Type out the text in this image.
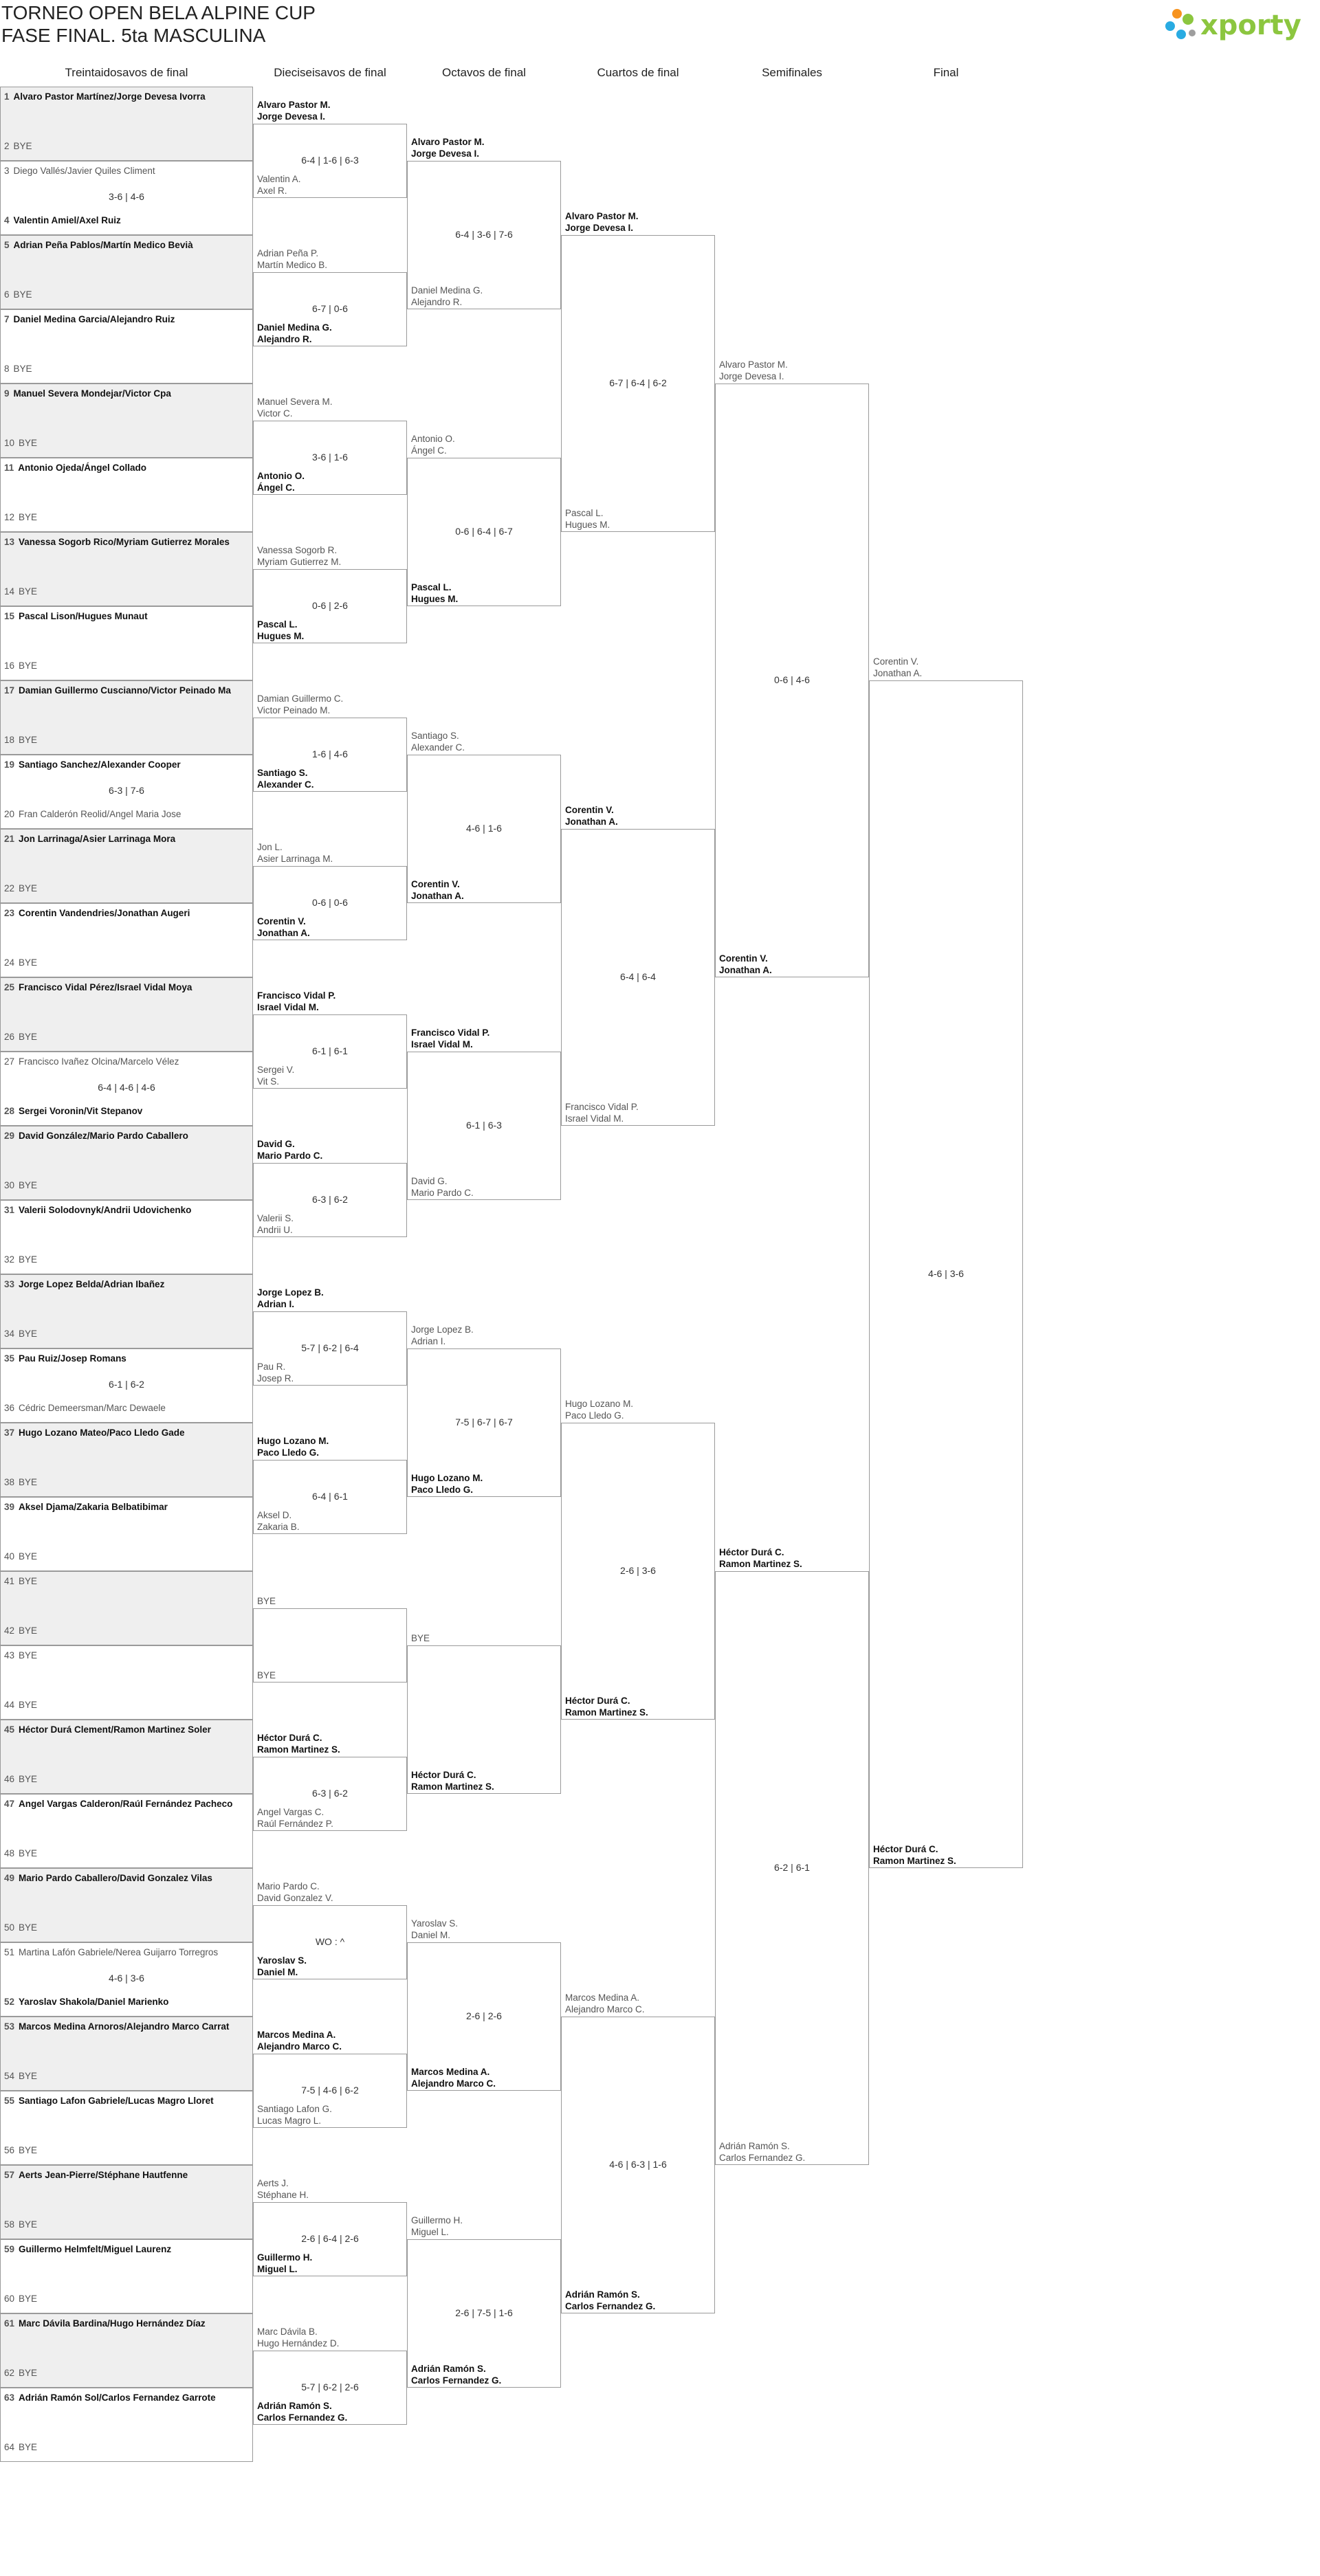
TORNEO OPEN BELA ALPINE CUP
FASE FINAL. 5ta MASCULINA	xporty
Treintaidosavos de final	Dieciseisavos de final	Octavos de final	Cuartos de final	Semifinales	Final
1 Alvaro Pastor Martínez/Jorge Devesa Ivorra
2 BYE
3 Diego Vallés/Javier Quiles Climent
4 Valentin Amiel/Axel Ruiz
3-6 | 4-6
5 Adrian Peña Pablos/Martín Medico Bevià
6 BYE
7 Daniel Medina Garcia/Alejandro Ruiz
8 BYE
9 Manuel Severa Mondejar/Victor Cpa
10 BYE
11 Antonio Ojeda/Ángel Collado
12 BYE
13 Vanessa Sogorb Rico/Myriam Gutierrez Morales
14 BYE
15 Pascal Lison/Hugues Munaut
16 BYE
17 Damian Guillermo Cuscianno/Victor Peinado Ma
18 BYE
19 Santiago Sanchez/Alexander Cooper
20 Fran Calderón Reolid/Angel Maria Jose
6-3 | 7-6
21 Jon Larrinaga/Asier Larrinaga Mora
22 BYE
23 Corentin Vandendries/Jonathan Augeri
24 BYE
25 Francisco Vidal Pérez/Israel Vidal Moya
26 BYE
27 Francisco Ivañez Olcina/Marcelo Vélez
28 Sergei Voronin/Vit Stepanov
6-4 | 4-6 | 4-6
29 David González/Mario Pardo Caballero
30 BYE
31 Valerii Solodovnyk/Andrii Udovichenko
32 BYE
33 Jorge Lopez Belda/Adrian Ibañez
34 BYE
35 Pau Ruiz/Josep Romans
36 Cédric Demeersman/Marc Dewaele
6-1 | 6-2
37 Hugo Lozano Mateo/Paco Lledo Gade
38 BYE
39 Aksel Djama/Zakaria Belbatibimar
40 BYE
41 BYE
42 BYE
43 BYE
44 BYE
45 Héctor Durá Clement/Ramon Martinez Soler
46 BYE
47 Angel Vargas Calderon/Raúl Fernández Pacheco
48 BYE
49 Mario Pardo Caballero/David Gonzalez Vilas
50 BYE
51 Martina Lafón Gabriele/Nerea Guijarro Torregros
52 Yaroslav Shakola/Daniel Marienko
4-6 | 3-6
53 Marcos Medina Arnoros/Alejandro Marco Carrat
54 BYE
55 Santiago Lafon Gabriele/Lucas Magro Lloret
56 BYE
57 Aerts Jean-Pierre/Stéphane Hautfenne
58 BYE
59 Guillermo Helmfelt/Miguel Laurenz
60 BYE
61 Marc Dávila Bardina/Hugo Hernández Díaz
62 BYE
63 Adrián Ramón Sol/Carlos Fernandez Garrote
64 BYE
Alvaro Pastor M.
Jorge Devesa I.
Valentin A.
Axel R.
6-4 | 1-6 | 6-3
Adrian Peña P.
Martín Medico B.
Daniel Medina G.
Alejandro R.
6-7 | 0-6
Manuel Severa M.
Victor C.
Antonio O.
Ángel C.
3-6 | 1-6
Vanessa Sogorb R.
Myriam Gutierrez M.
Pascal L.
Hugues M.
0-6 | 2-6
Damian Guillermo C.
Victor Peinado M.
Santiago S.
Alexander C.
1-6 | 4-6
Jon L.
Asier Larrinaga M.
Corentin V.
Jonathan A.
0-6 | 0-6
Francisco Vidal P.
Israel Vidal M.
Sergei V.
Vit S.
6-1 | 6-1
David G.
Mario Pardo C.
Valerii S.
Andrii U.
6-3 | 6-2
Jorge Lopez B.
Adrian I.
Pau R.
Josep R.
5-7 | 6-2 | 6-4
Hugo Lozano M.
Paco Lledo G.
Aksel D.
Zakaria B.
6-4 | 6-1
BYE
BYE
Héctor Durá C.
Ramon Martinez S.
Angel Vargas C.
Raúl Fernández P.
6-3 | 6-2
Mario Pardo C.
David Gonzalez V.
Yaroslav S.
Daniel M.
WO : ^
Marcos Medina A.
Alejandro Marco C.
Santiago Lafon G.
Lucas Magro L.
7-5 | 4-6 | 6-2
Aerts J.
Stéphane H.
Guillermo H.
Miguel L.
2-6 | 6-4 | 2-6
Marc Dávila B.
Hugo Hernández D.
Adrián Ramón S.
Carlos Fernandez G.
5-7 | 6-2 | 2-6
Alvaro Pastor M.
Jorge Devesa I.
Daniel Medina G.
Alejandro R.
6-4 | 3-6 | 7-6
Antonio O.
Ángel C.
Pascal L.
Hugues M.
0-6 | 6-4 | 6-7
Santiago S.
Alexander C.
Corentin V.
Jonathan A.
4-6 | 1-6
Francisco Vidal P.
Israel Vidal M.
David G.
Mario Pardo C.
6-1 | 6-3
Jorge Lopez B.
Adrian I.
Hugo Lozano M.
Paco Lledo G.
7-5 | 6-7 | 6-7
BYE
Héctor Durá C.
Ramon Martinez S.
Yaroslav S.
Daniel M.
Marcos Medina A.
Alejandro Marco C.
2-6 | 2-6
Guillermo H.
Miguel L.
Adrián Ramón S.
Carlos Fernandez G.
2-6 | 7-5 | 1-6
Alvaro Pastor M.
Jorge Devesa I.
Pascal L.
Hugues M.
6-7 | 6-4 | 6-2
Corentin V.
Jonathan A.
Francisco Vidal P.
Israel Vidal M.
6-4 | 6-4
Hugo Lozano M.
Paco Lledo G.
Héctor Durá C.
Ramon Martinez S.
2-6 | 3-6
Marcos Medina A.
Alejandro Marco C.
Adrián Ramón S.
Carlos Fernandez G.
4-6 | 6-3 | 1-6
Alvaro Pastor M.
Jorge Devesa I.
Corentin V.
Jonathan A.
0-6 | 4-6
Héctor Durá C.
Ramon Martinez S.
Adrián Ramón S.
Carlos Fernandez G.
6-2 | 6-1
Corentin V.
Jonathan A.
Héctor Durá C.
Ramon Martinez S.
4-6 | 3-6
